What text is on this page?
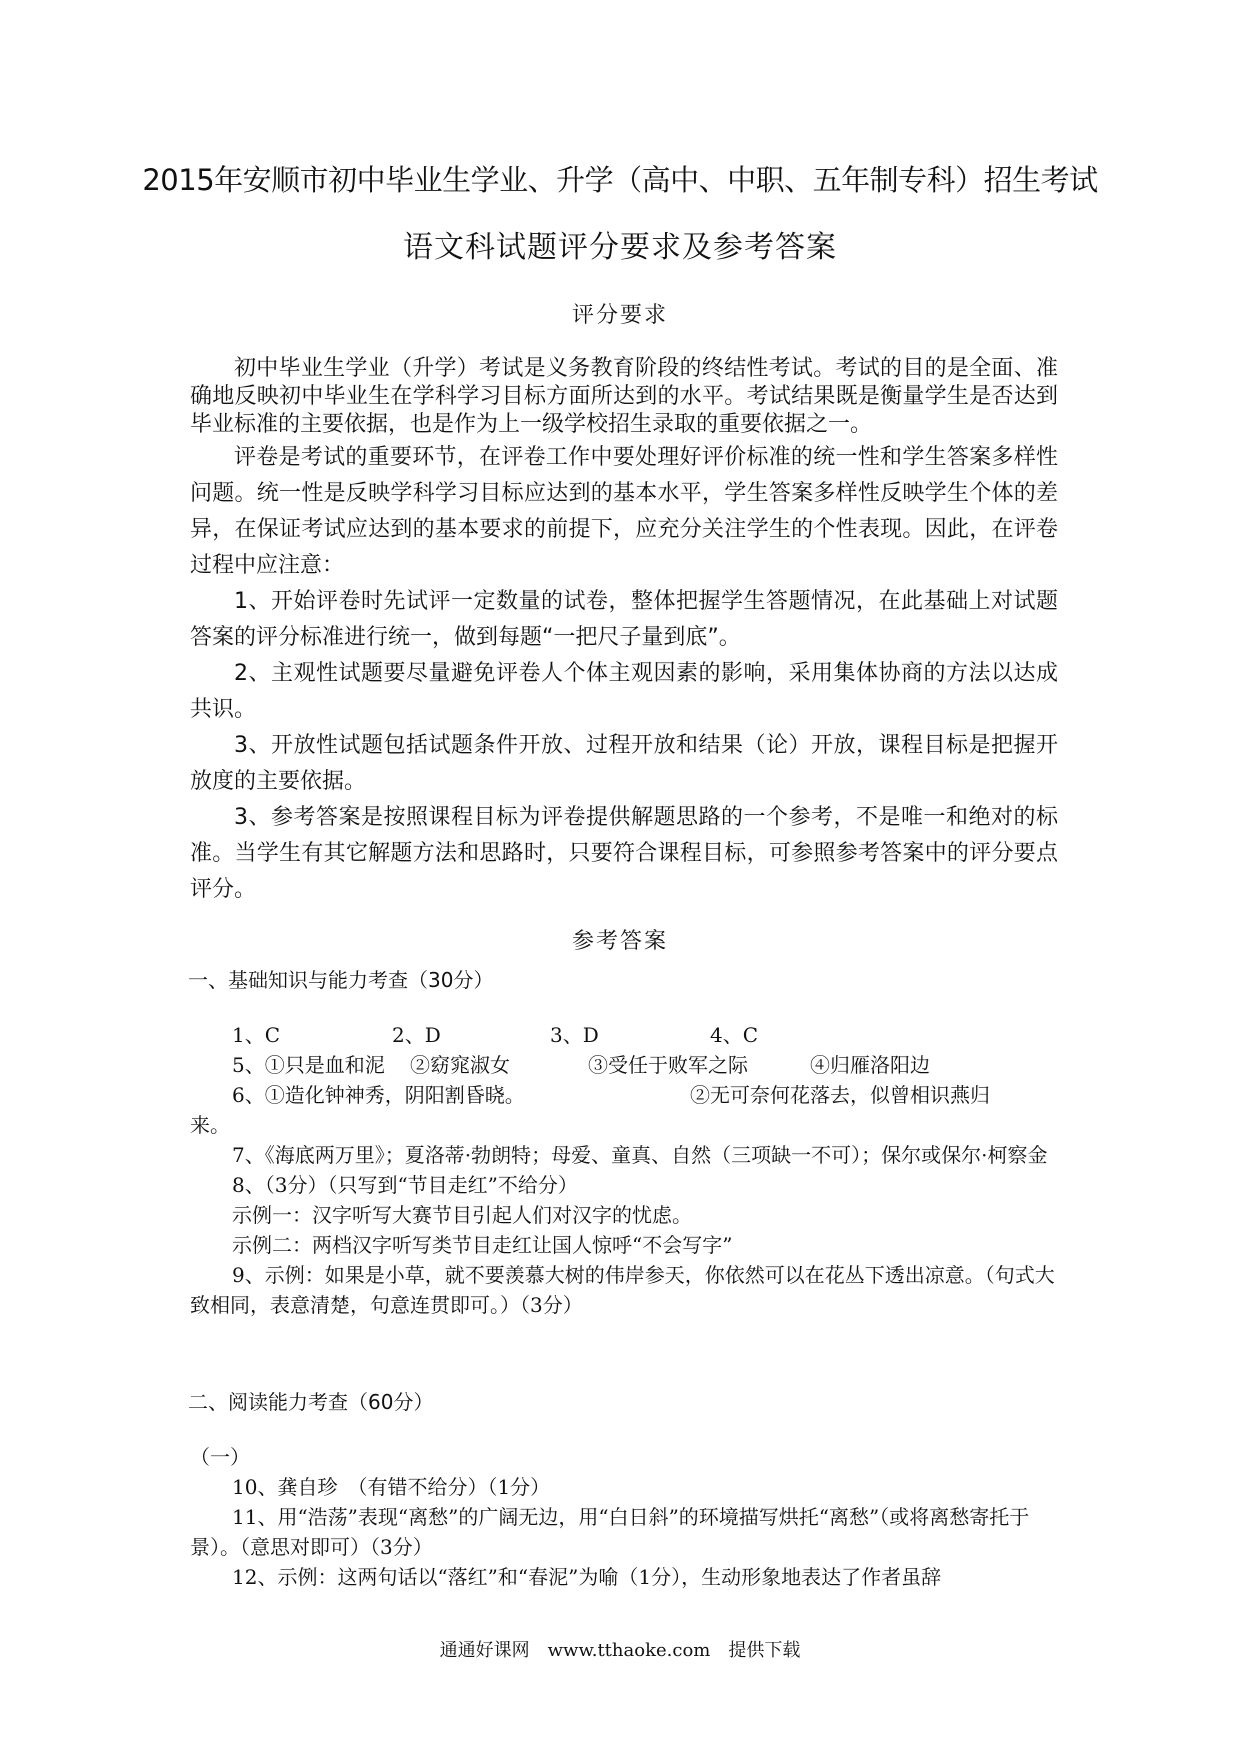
2015年安顺市初中毕业生学业、升学（高中、中职、五年制专科）招生考试
语文科试题评分要求及参考答案
评分要求

初中毕业生学业（升学）考试是义务教育阶段的终结性考试。考试的目的是全面、准确地反映初中毕业生在学科学习目标方面所达到的水平。考试结果既是衡量学生是否达到毕业标准的主要依据，也是作为上一级学校招生录取的重要依据之一。

评卷是考试的重要环节，在评卷工作中要处理好评价标准的统一性和学生答案多样性问题。统一性是反映学科学习目标应达到的基本水平，学生答案多样性反映学生个体的差异，在保证考试应达到的基本要求的前提下，应充分关注学生的个性表现。因此，在评卷过程中应注意：

1、开始评卷时先试评一定数量的试卷，整体把握学生答题情况，在此基础上对试题答案的评分标准进行统一，做到每题“一把尺子量到底”。

2、主观性试题要尽量避免评卷人个体主观因素的影响，采用集体协商的方法以达成共识。

3、开放性试题包括试题条件开放、过程开放和结果（论）开放，课程目标是把握开放度的主要依据。

3、参考答案是按照课程目标为评卷提供解题思路的一个参考，不是唯一和绝对的标准。当学生有其它解题方法和思路时，只要符合课程目标，可参照参考答案中的评分要点评分。

参考答案

一、基础知识与能力考查（30分）

1、C	2、D	3、D	4、C
5、①只是血和泥	②窈窕淑女	③受任于败军之际	④归雁洛阳边
6、①造化钟神秀，阴阳割昏晓。	②无可奈何花落去，似曾相识燕归

来。

7、《海底两万里》；夏洛蒂·勃朗特；母爱、童真、自然（三项缺一不可）；保尔或保尔·柯察金

8、（3分）（只写到“节目走红”不给分）

示例一：汉字听写大赛节目引起人们对汉字的忧虑。

示例二：两档汉字听写类节目走红让国人惊呼“不会写字”

9、示例：如果是小草，就不要羡慕大树的伟岸参天，你依然可以在花丛下透出凉意。（句式大致相同，表意清楚，句意连贯即可。）（3分）

二、阅读能力考查（60分）

（一）

10、龚自珍　（有错不给分）（1分）

11、用“浩荡”表现“离愁”的广阔无边，用“白日斜”的环境描写烘托“离愁”（或将离愁寄托于景）。（意思对即可）（3分）

12、示例：这两句话以“落红”和“春泥”为喻（1分），生动形象地表达了作者虽辞

通通好课网　www.tthaoke.com　提供下载
